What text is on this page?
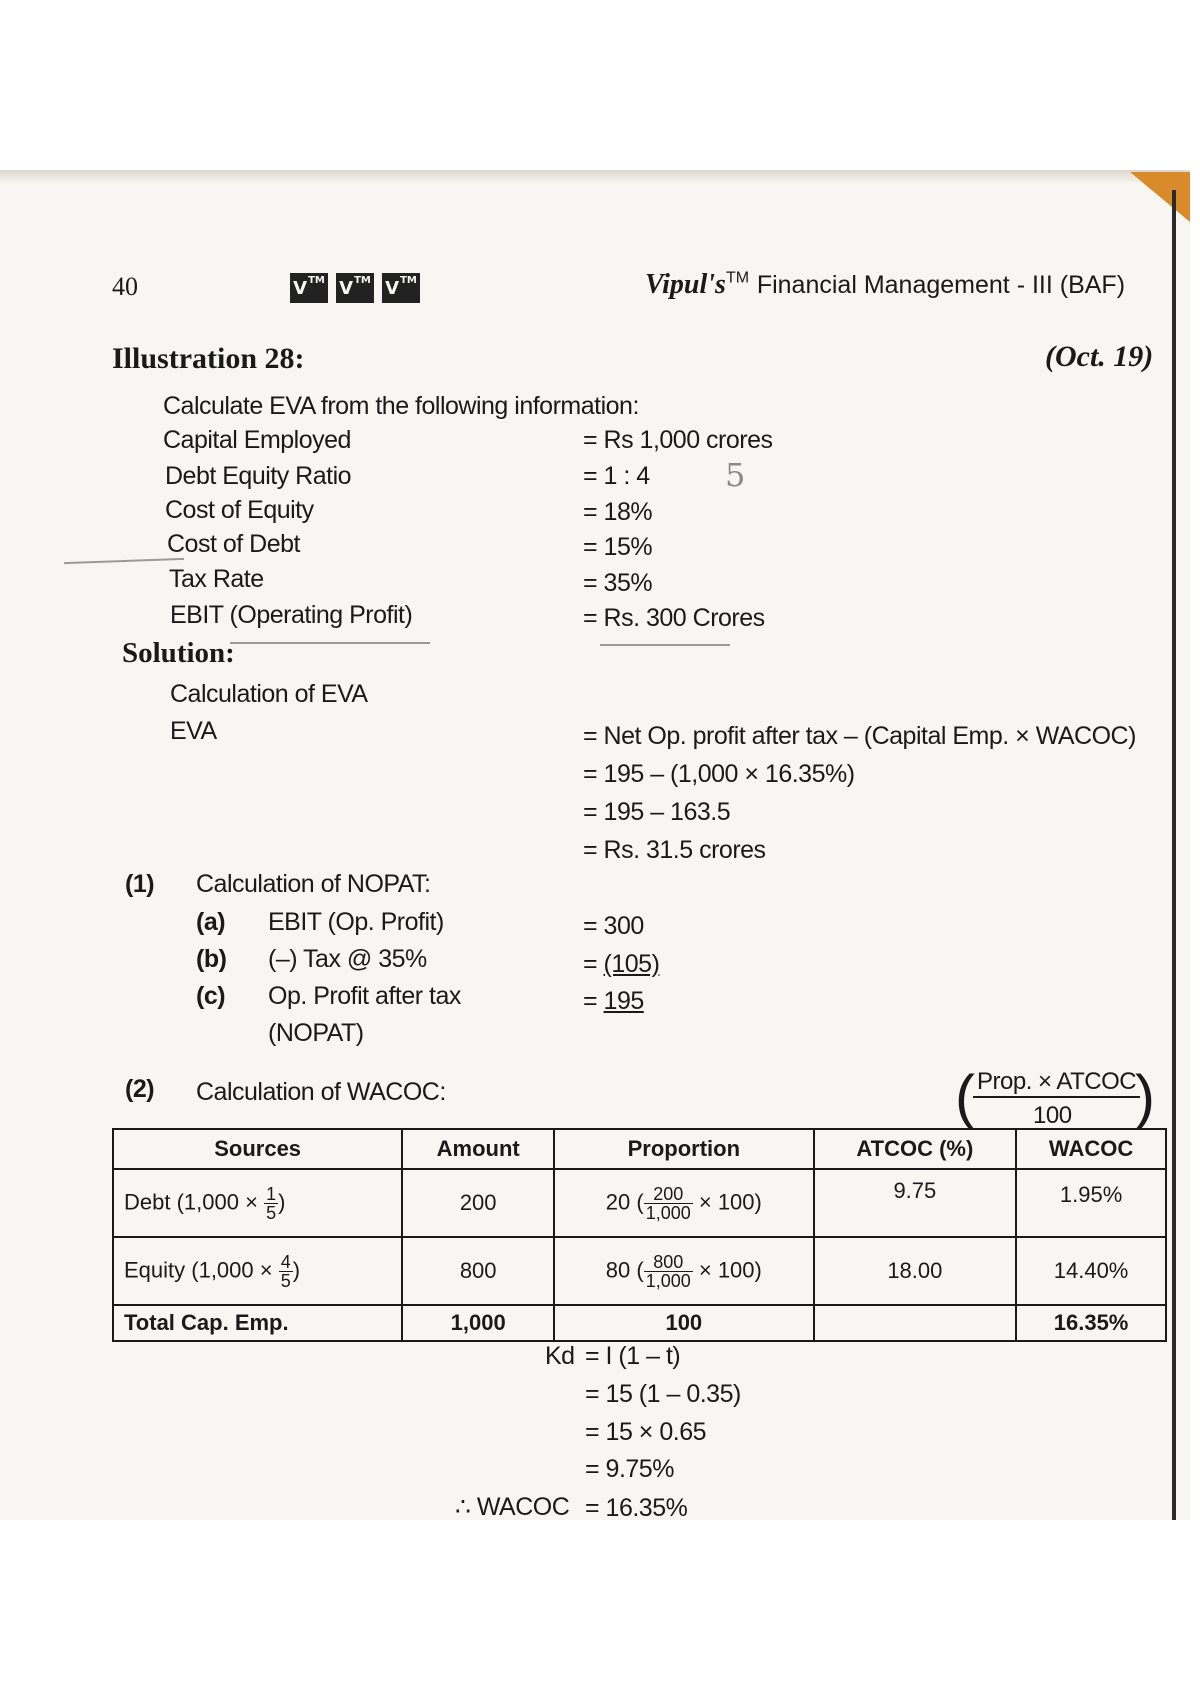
40	V TM V TM V TM	Vipul's™ Financial Management - III (BAF)
Illustration 28:	(Oct. 19)
Calculate EVA from the following information:
Capital Employed	= Rs 1,000 crores
Debt Equity Ratio	= 1 : 4 5
Cost of Equity	= 18%
Cost of Debt	= 15%
Tax Rate	= 35%
EBIT (Operating Profit)	= Rs. 300 Crores
Solution:
Calculation of EVA
EVA	= Net Op. profit after tax – (Capital Emp. × WACOC)
= 195 – (1,000 × 16.35%)
= 195 – 163.5
= Rs. 31.5 crores
(1) Calculation of NOPAT:
(a) EBIT (Op. Profit)	= 300
(b) (–) Tax @ 35%	= (105)
(c) Op. Profit after tax	= 195
(NOPAT)
(2) Calculation of WACOC:	( Prop. × ATCOC
100 )
Sources	Amount	Proportion	ATCOC (%)	WACOC
Debt ($1,000 \times \frac{1}{5}$ )	200	20 ( $\frac{200}{1,000} \times 100$)	9.75	1.95%
Equity ($1,000 \times \frac{4}{5}$ )	800	80 ( $\frac{800}{1,000} \times 100$)	18.00	14.40%
Total Cap. Emp.	1,000	100		16.35%
Kd = I (1 – t)
= 15 (1 – 0.35)
= 15 × 0.65
= 9.75%
∴ WACOC = 16.35%
